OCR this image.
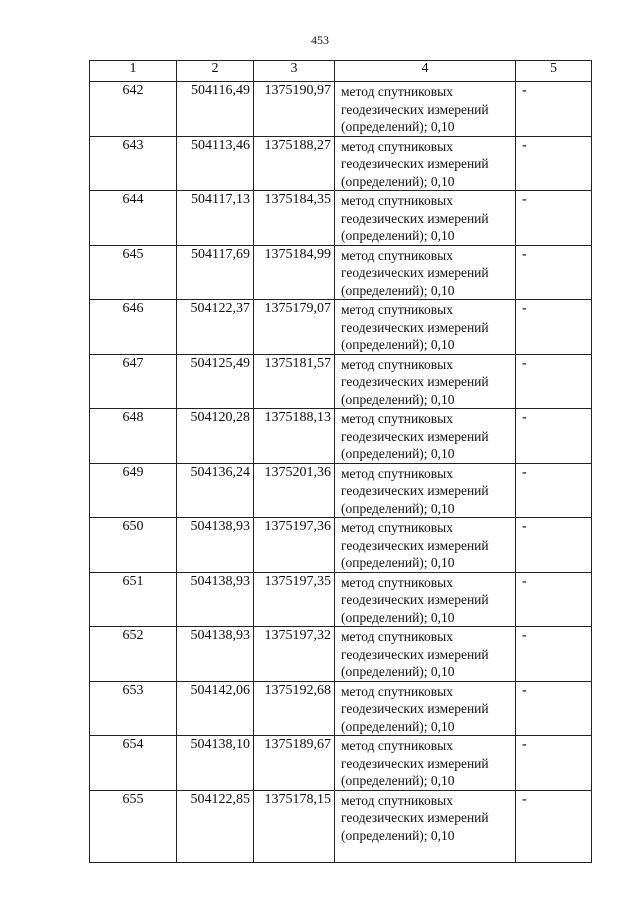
453
1	2	3	4	5
642	504116,49	1375190,97	метод спутниковых геодезических измерений (определений); 0,10	-
643	504113,46	1375188,27	метод спутниковых геодезических измерений (определений); 0,10	-
644	504117,13	1375184,35	метод спутниковых геодезических измерений (определений); 0,10	-
645	504117,69	1375184,99	метод спутниковых геодезических измерений (определений); 0,10	-
646	504122,37	1375179,07	метод спутниковых геодезических измерений (определений); 0,10	-
647	504125,49	1375181,57	метод спутниковых геодезических измерений (определений); 0,10	-
648	504120,28	1375188,13	метод спутниковых геодезических измерений (определений); 0,10	-
649	504136,24	1375201,36	метод спутниковых геодезических измерений (определений); 0,10	-
650	504138,93	1375197,36	метод спутниковых геодезических измерений (определений); 0,10	-
651	504138,93	1375197,35	метод спутниковых геодезических измерений (определений); 0,10	-
652	504138,93	1375197,32	метод спутниковых геодезических измерений (определений); 0,10	-
653	504142,06	1375192,68	метод спутниковых геодезических измерений (определений); 0,10	-
654	504138,10	1375189,67	метод спутниковых геодезических измерений (определений); 0,10	-
655	504122,85	1375178,15	метод спутниковых геодезических измерений (определений); 0,10	-
